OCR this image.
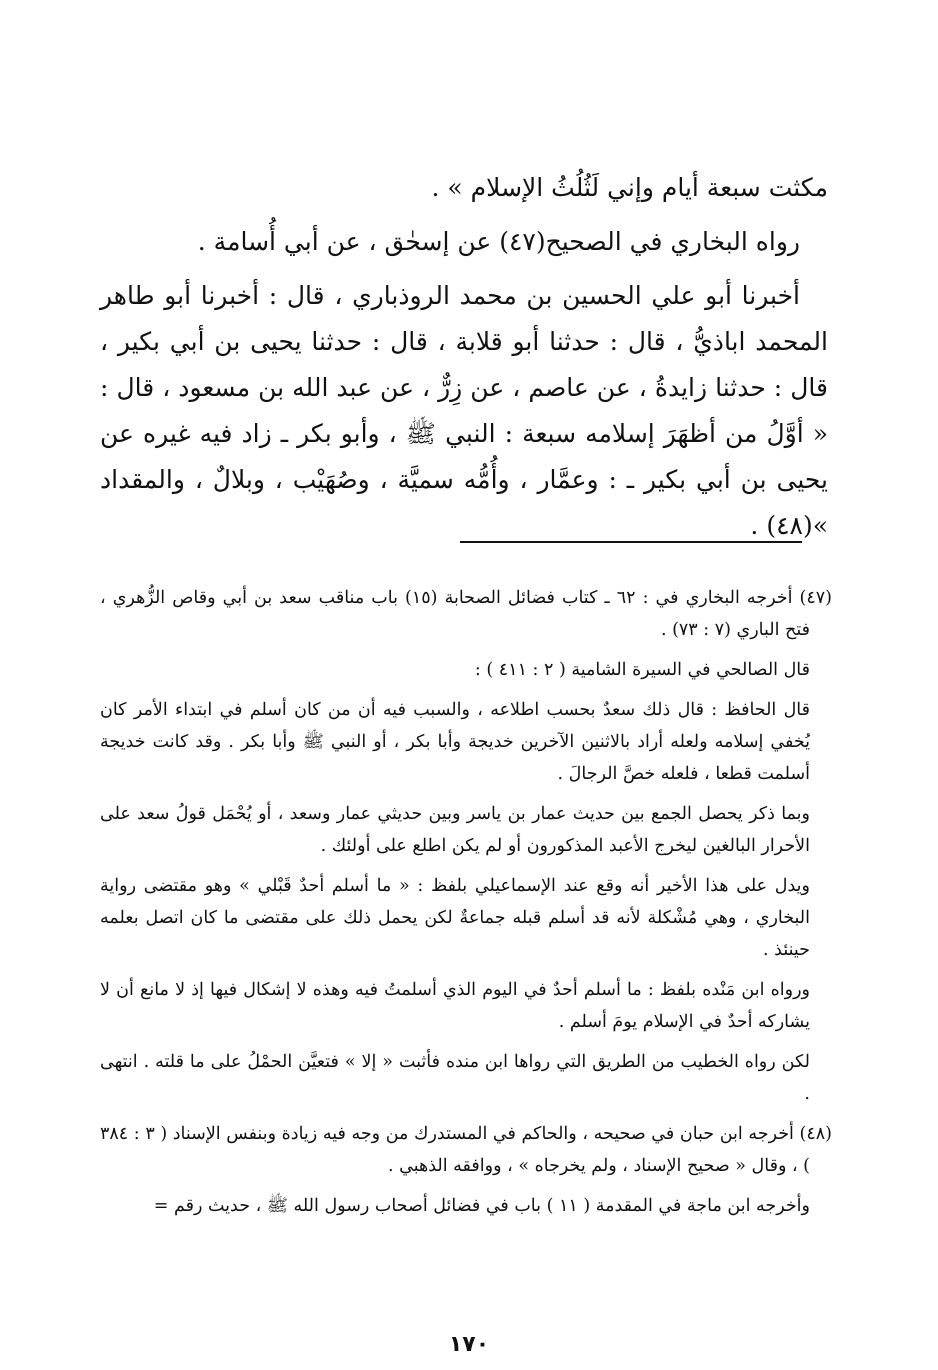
مكثت سبعة أيام وإني لَثُلُثُ الإسلام » .

رواه البخاري في الصحيح(٤٧) عن إسحٰق ، عن أبي أُسامة .

أخبرنا أبو علي الحسين بن محمد الروذباري ، قال : أخبرنا أبو طاهر المحمد اباذيُّ ، قال : حدثنا أبو قلابة ، قال : حدثنا يحيى بن أبي بكير ، قال : حدثنا زايدةُ ، عن عاصم ، عن زِرٌّ ، عن عبد الله بن مسعود ، قال : « أوَّلُ من أظهَرَ إسلامه سبعة : النبي ﷺ ، وأبو بكر ـ زاد فيه غيره عن يحيى بن أبي بكير ـ : وعمَّار ، وأُمُّه سميَّة ، وصُهَيْب ، وبلالٌ ، والمقداد »(٤٨) .

(٤٧) أخرجه البخاري في : ٦٢ ـ كتاب فضائل الصحابة (١٥) باب مناقب سعد بن أبي وقاص الزُّهري ، فتح الباري (٧ : ٧٣) .

قال الصالحي في السيرة الشامية ( ٢ : ٤١١ ) :

قال الحافظ : قال ذلك سعدٌ بحسب اطلاعه ، والسبب فيه أن من كان أسلم في ابتداء الأمر كان يُخفي إسلامه ولعله أراد بالاثنين الآخرين خديجة وأبا بكر ، أو النبي ﷺ وأبا بكر . وقد كانت خديجة أسلمت قطعا ، فلعله خصَّ الرجالَ .

وبما ذكر يحصل الجمع بين حديث عمار بن ياسر وبين حديثي عمار وسعد ، أو يُحْمَل قولُ سعد على الأحرار البالغين ليخرج الأعبد المذكورون أو لم يكن اطلع على أولئك .

ويدل على هذا الأخير أنه وقع عند الإسماعيلي بلفظ : « ما أسلم أحدٌ قَبْلي » وهو مقتضى رواية البخاري ، وهي مُشْكلة لأنه قد أسلم قبله جماعةٌ لكن يحمل ذلك على مقتضى ما كان اتصل بعلمه حينئذ .

ورواه ابن مَنْده بلفظ : ما أسلم أحدٌ في اليوم الذي أسلمتُ فيه وهذه لا إشكال فيها إذ لا مانع أن لا يشاركه أحدٌ في الإسلام يومَ أسلم .

لكن رواه الخطيب من الطريق التي رواها ابن منده فأثبت « إلا » فتعيَّن الحمْلُ على ما قلته . انتهى .

(٤٨) أخرجه ابن حبان في صحيحه ، والحاكم في المستدرك من وجه فيه زيادة وبنفس الإسناد ( ٣ : ٣٨٤ ) ، وقال « صحيح الإسناد ، ولم يخرجاه » ، ووافقه الذهبي .

وأخرجه ابن ماجة في المقدمة ( ١١ ) باب في فضائل أصحاب رسول الله ﷺ ، حديث رقم =

١٧٠
